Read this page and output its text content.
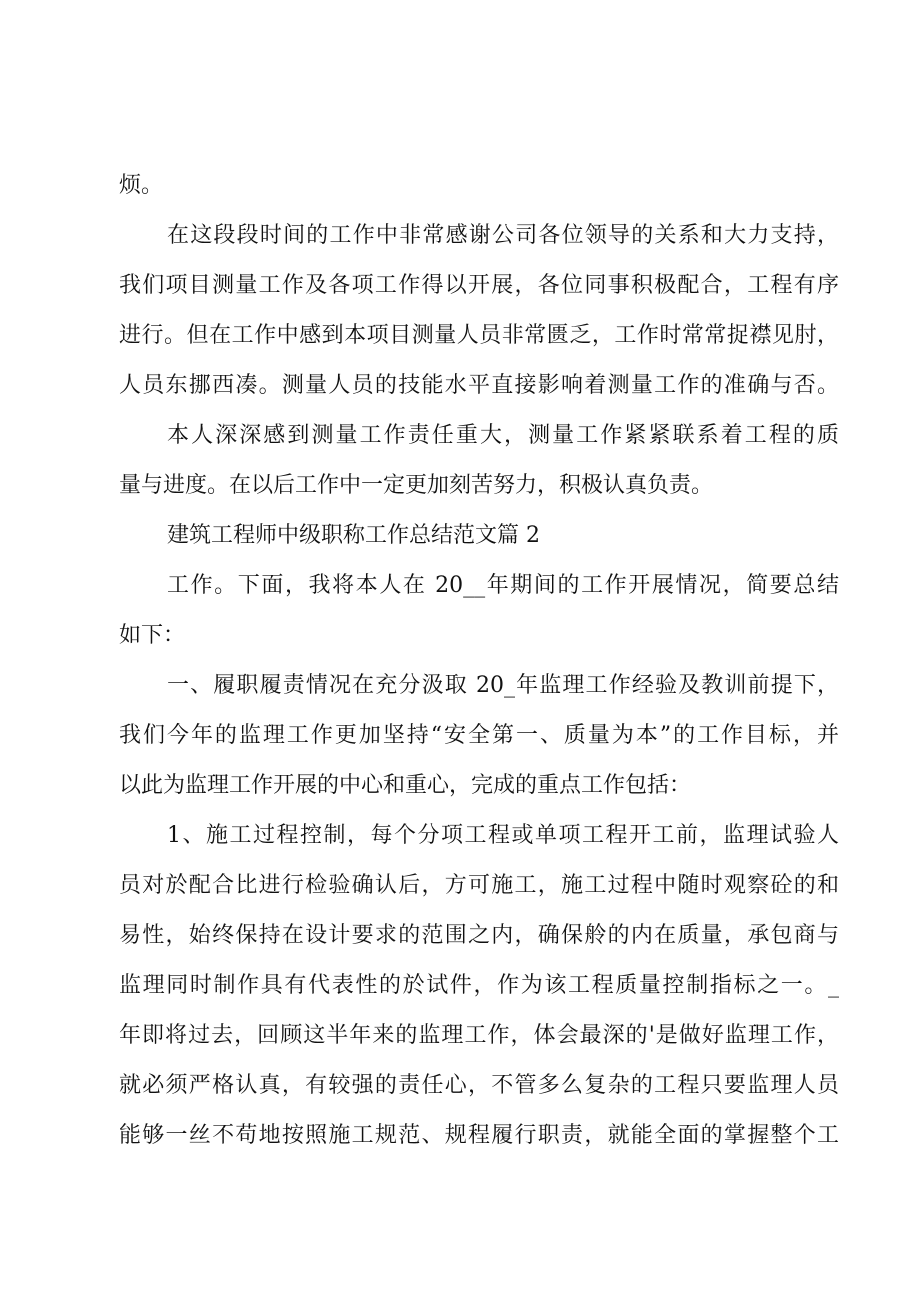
烦。
在这段段时间的工作中非常感谢公司各位领导的关系和大力支持，
我们项目测量工作及各项工作得以开展，各位同事积极配合，工程有序
进行。但在工作中感到本项目测量人员非常匮乏，工作时常常捉襟见肘，
人员东挪西凑。测量人员的技能水平直接影响着测量工作的准确与否。
本人深深感到测量工作责任重大，测量工作紧紧联系着工程的质
量与进度。在以后工作中一定更加刻苦努力，积极认真负责。
建筑工程师中级职称工作总结范文篇 2
工作。下面，我将本人在 20__年期间的工作开展情况，简要总结
如下：
一、履职履责情况在充分汲取 20_年监理工作经验及教训前提下，
我们今年的监理工作更加坚持“安全第一、质量为本”的工作目标，并
以此为监理工作开展的中心和重心，完成的重点工作包括：
1、施工过程控制，每个分项工程或单项工程开工前，监理试验人
员对於配合比进行检验确认后，方可施工，施工过程中随时观察砼的和
易性，始终保持在设计要求的范围之内，确保舲的内在质量，承包商与
监理同时制作具有代表性的於试件，作为该工程质量控制指标之一。_
年即将过去，回顾这半年来的监理工作，体会最深的'是做好监理工作，
就必须严格认真，有较强的责任心，不管多么复杂的工程只要监理人员
能够一丝不苟地按照施工规范、规程履行职责，就能全面的掌握整个工
